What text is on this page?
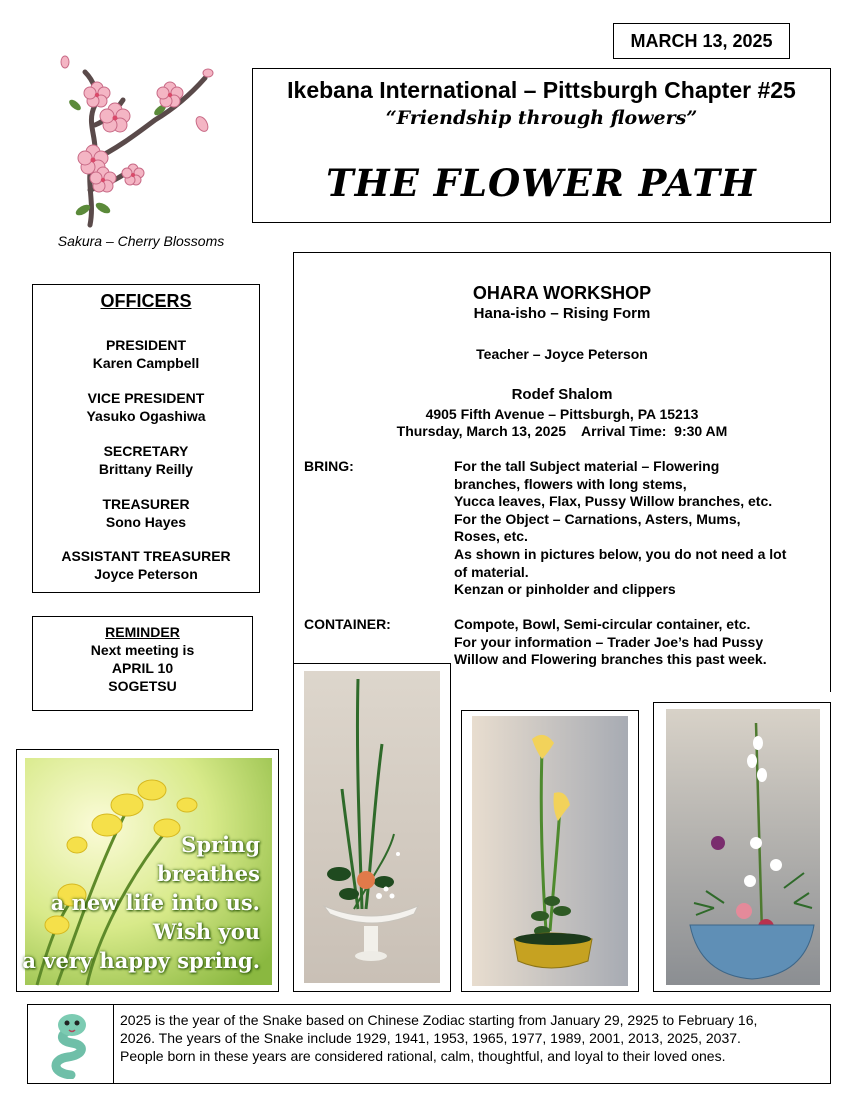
MARCH 13, 2025
Ikebana International – Pittsburgh Chapter #25
“Friendship through flowers”
THE FLOWER PATH
Sakura – Cherry Blossoms
OFFICERS
PRESIDENT
Karen Campbell
VICE PRESIDENT
Yasuko Ogashiwa
SECRETARY
Brittany Reilly
TREASURER
Sono Hayes
ASSISTANT TREASURER
Joyce Peterson
REMINDER
Next meeting is
APRIL 10
SOGETSU
Spring
breathes
a new life into us.
Wish you
a very happy spring.
OHARA WORKSHOP
Hana-isho – Rising Form
Teacher – Joyce Peterson
Rodef Shalom
4905 Fifth Avenue – Pittsburgh, PA 15213
Thursday, March 13, 2025    Arrival Time:  9:30 AM
BRING:	For the tall Subject material – Flowering
branches, flowers with long stems,
Yucca leaves, Flax, Pussy Willow branches, etc.
For the Object – Carnations, Asters, Mums,
Roses, etc.
As shown in pictures below, you do not need a lot
of material.
Kenzan or pinholder and clippers
CONTAINER:	Compote, Bowl, Semi-circular container, etc.
For your information – Trader Joe’s had Pussy
Willow and Flowering branches this past week.
2025 is the year of the Snake based on Chinese Zodiac starting from January 29, 2925 to February 16,
2026. The years of the Snake include 1929, 1941, 1953, 1965, 1977, 1989, 2001, 2013, 2025, 2037.
People born in these years are considered rational, calm, thoughtful, and loyal to their loved ones.
